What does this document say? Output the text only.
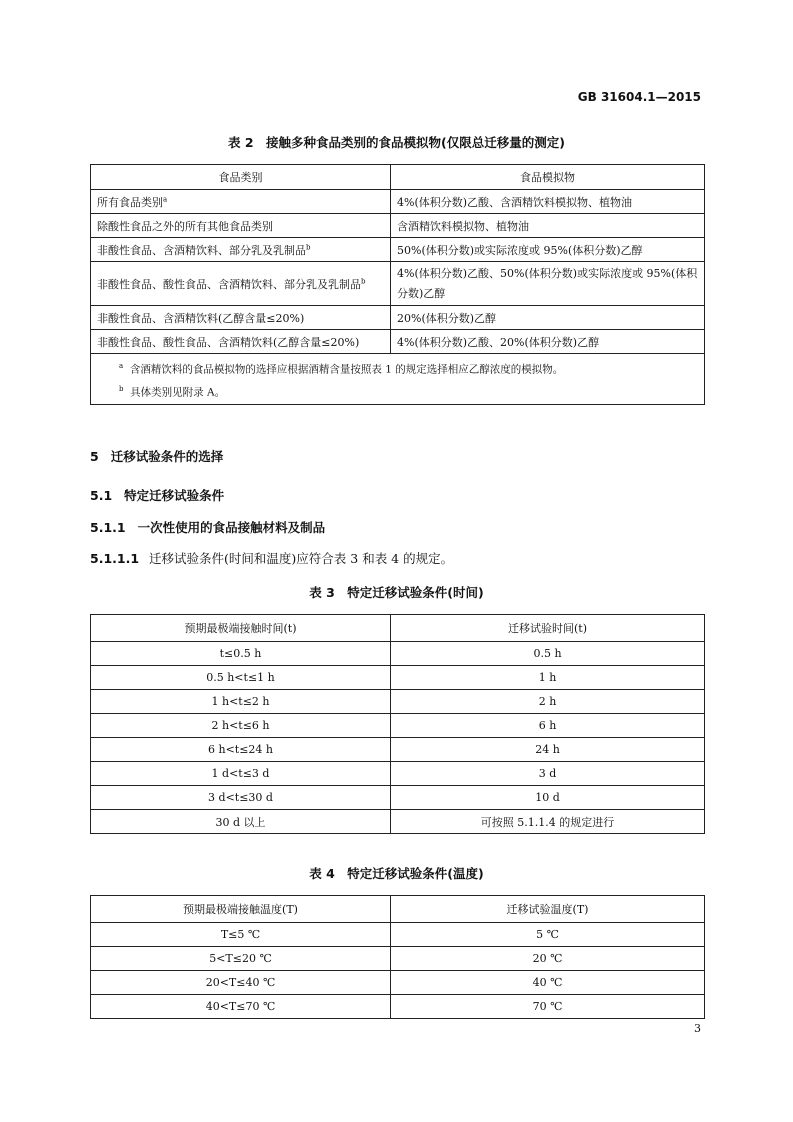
GB 31604.1—2015
表 2　接触多种食品类别的食品模拟物(仅限总迁移量的测定)
食品类别	食品模拟物
所有食品类别$^a$	4%(体积分数)乙酸、含酒精饮料模拟物、植物油
除酸性食品之外的所有其他食品类别	含酒精饮料模拟物、植物油
非酸性食品、含酒精饮料、部分乳及乳制品$^b$	50%(体积分数)或实际浓度或 95%(体积分数)乙醇
非酸性食品、酸性食品、含酒精饮料、部分乳及乳制品$^b$	4%(体积分数)乙酸、50%(体积分数)或实际浓度或 95%(体积分数)乙醇
非酸性食品、含酒精饮料(乙醇含量≤20%)	20%(体积分数)乙醇
非酸性食品、酸性食品、含酒精饮料(乙醇含量≤20%)	4%(体积分数)乙酸、20%(体积分数)乙醇

$^a$ 含酒精饮料的食品模拟物的选择应根据酒精含量按照表 1 的规定选择相应乙醇浓度的模拟物。
$^b$ 具体类别见附录 A。	
5 迁移试验条件的选择
5.1 特定迁移试验条件
5.1.1 一次性使用的食品接触材料及制品
5.1.1.1 迁移试验条件(时间和温度)应符合表 3 和表 4 的规定。
表 3　特定迁移试验条件(时间)
预期最极端接触时间(t)	迁移试验时间(t)
t≤0.5 h	0.5 h
0.5 h<t≤1 h	1 h
1 h<t≤2 h	2 h
2 h<t≤6 h	6 h
6 h<t≤24 h	24 h
1 d<t≤3 d	3 d
3 d<t≤30 d	10 d
30 d 以上	可按照 5.1.1.4 的规定进行
表 4　特定迁移试验条件(温度)
预期最极端接触温度(T)	迁移试验温度(T)
T≤5 ℃	5 ℃
5<T≤20 ℃	20 ℃
20<T≤40 ℃	40 ℃
40<T≤70 ℃	70 ℃
3
